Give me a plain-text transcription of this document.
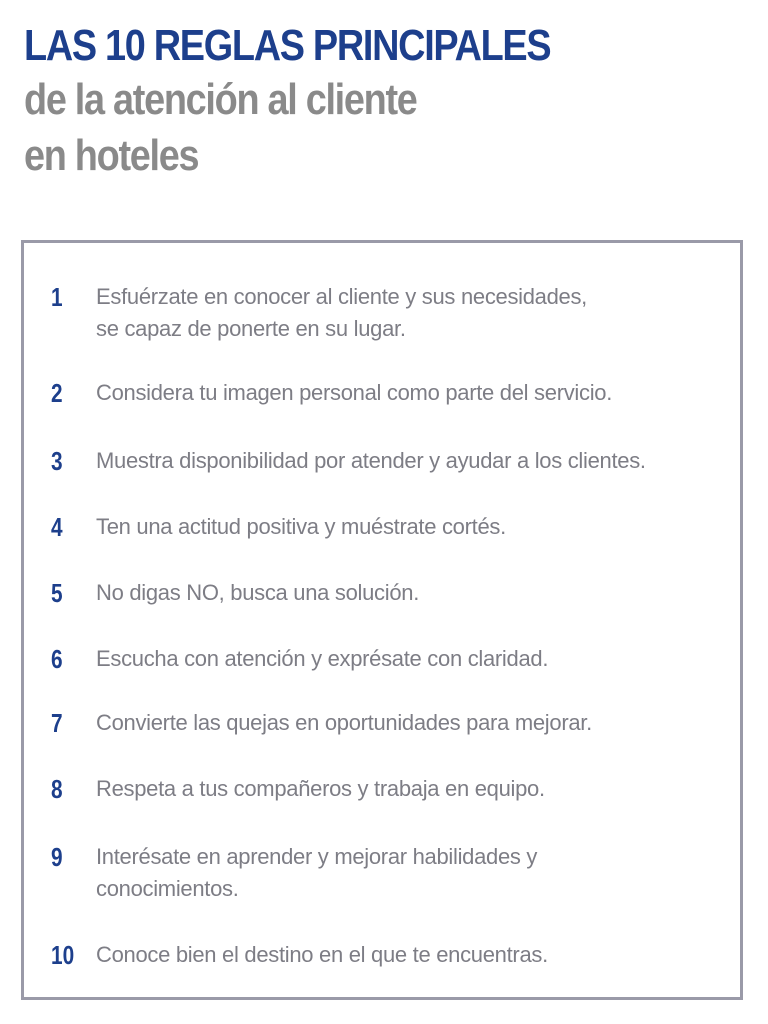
LAS 10 REGLAS PRINCIPALES
de la atención al cliente
en hoteles
1	Esfuérzate en conocer al cliente y sus necesidades,
se capaz de ponerte en su lugar.
2	Considera tu imagen personal como parte del servicio.
3	Muestra disponibilidad por atender y ayudar a los clientes.
4	Ten una actitud positiva y muéstrate cortés.
5	No digas NO, busca una solución.
6	Escucha con atención y exprésate con claridad.
7	Convierte las quejas en oportunidades para mejorar.
8	Respeta a tus compañeros y trabaja en equipo.
9	Interésate en aprender y mejorar habilidades y
conocimientos.
10 Conoce bien el destino en el que te encuentras.
